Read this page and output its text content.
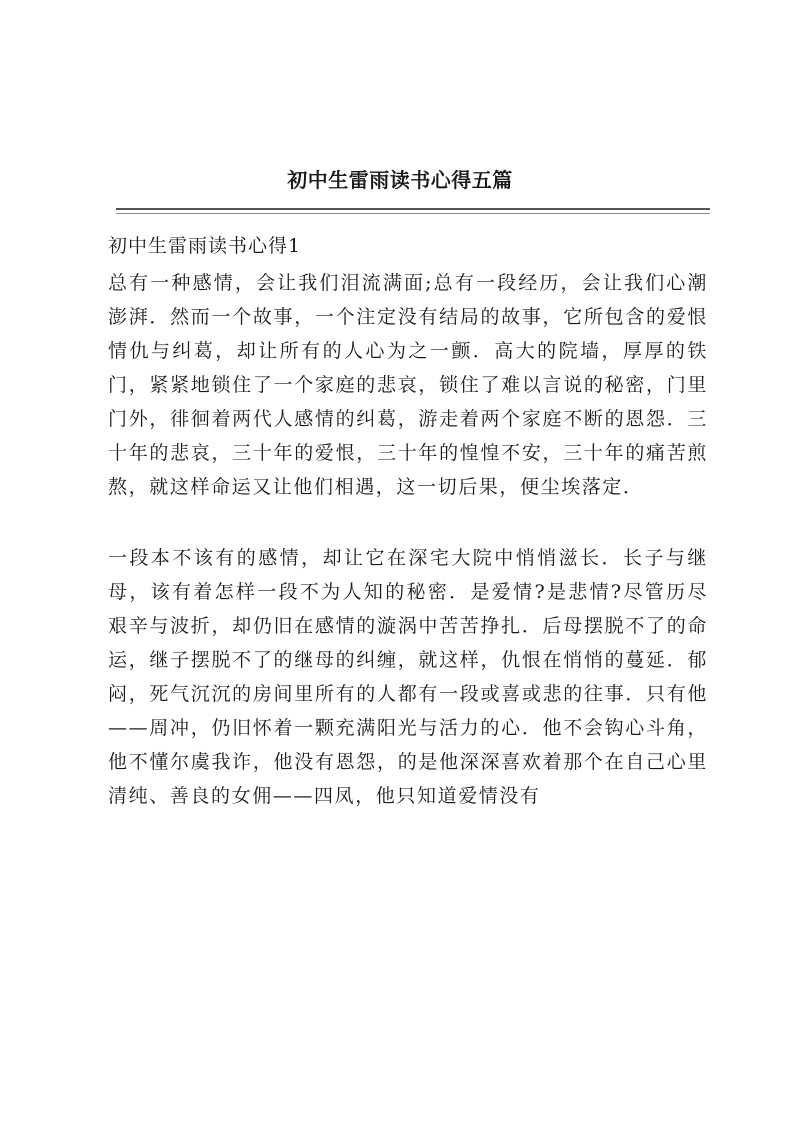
初中生雷雨读书心得五篇
初中生雷雨读书心得1

总有一种感情，会让我们泪流满面;总有一段经历，会让我们心潮澎湃．然而一个故事，一个注定没有结局的故事，它所包含的爱恨情仇与纠葛，却让所有的人心为之一颤．高大的院墙，厚厚的铁门，紧紧地锁住了一个家庭的悲哀，锁住了难以言说的秘密，门里门外，徘徊着两代人感情的纠葛，游走着两个家庭不断的恩怨．三十年的悲哀，三十年的爱恨，三十年的惶惶不安，三十年的痛苦煎熬，就这样命运又让他们相遇，这一切后果，便尘埃落定．

一段本不该有的感情，却让它在深宅大院中悄悄滋长．长子与继母，该有着怎样一段不为人知的秘密．是爱情?是悲情?尽管历尽艰辛与波折，却仍旧在感情的漩涡中苦苦挣扎．后母摆脱不了的命运，继子摆脱不了的继母的纠缠，就这样，仇恨在悄悄的蔓延．郁闷，死气沉沉的房间里所有的人都有一段或喜或悲的往事．只有他——周冲，仍旧怀着一颗充满阳光与活力的心．他不会钩心斗角，他不懂尔虞我诈，他没有恩怨，的是他深深喜欢着那个在自己心里清纯、善良的女佣——四凤，他只知道爱情没有
